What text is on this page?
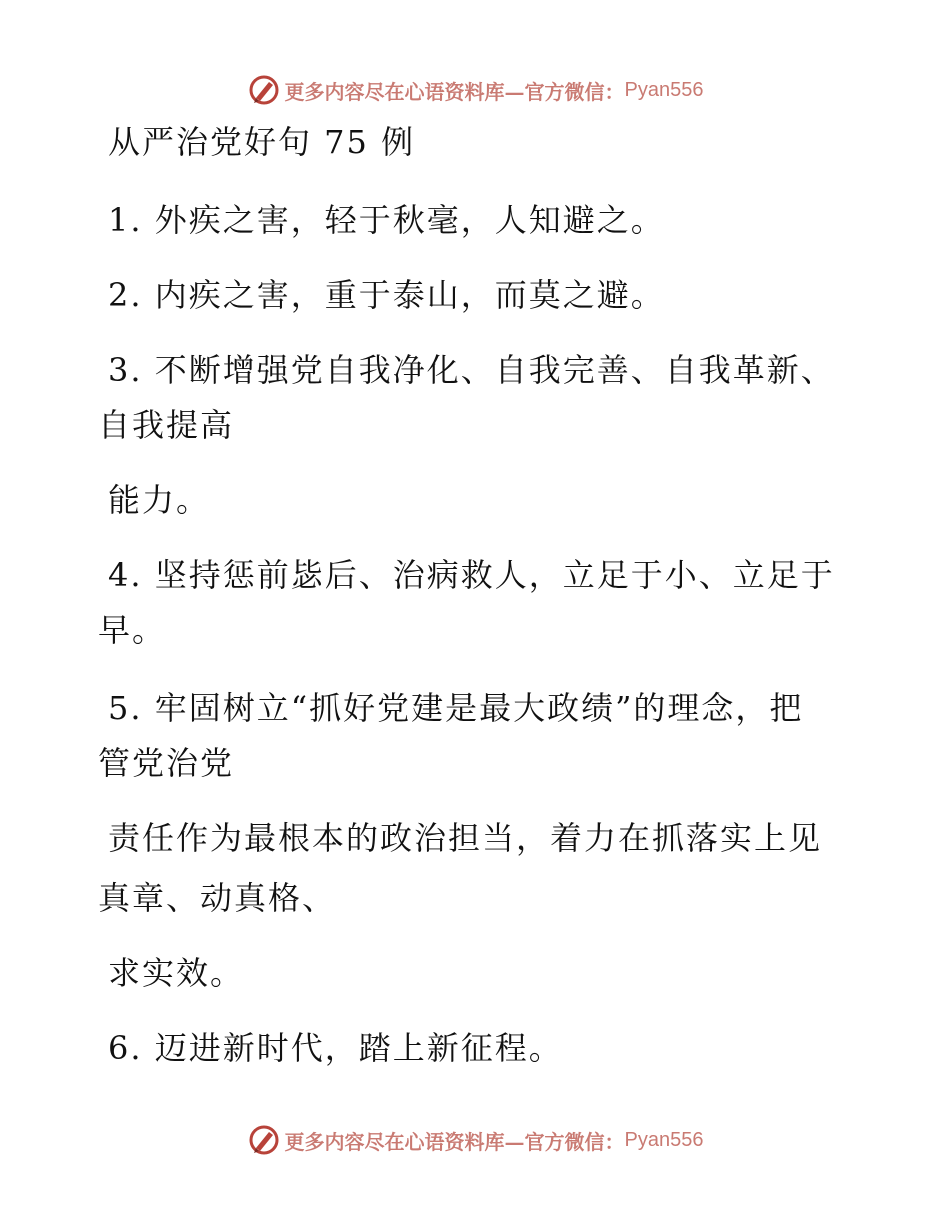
更多内容尽在心语资料库—官方微信： Pyan556
从严治党好句 75 例
1. 外疾之害，轻于秋毫，人知避之。
2. 内疾之害，重于泰山，而莫之避。
3. 不断增强党自我净化、自我完善、自我革新、
自我提高
能力。
4. 坚持惩前毖后、治病救人，立足于小、立足于
早。
5. 牢固树立“抓好党建是最大政绩”的理念，把
管党治党
责任作为最根本的政治担当，着力在抓落实上见
真章、动真格、
求实效。
6. 迈进新时代，踏上新征程。
更多内容尽在心语资料库—官方微信： Pyan556
